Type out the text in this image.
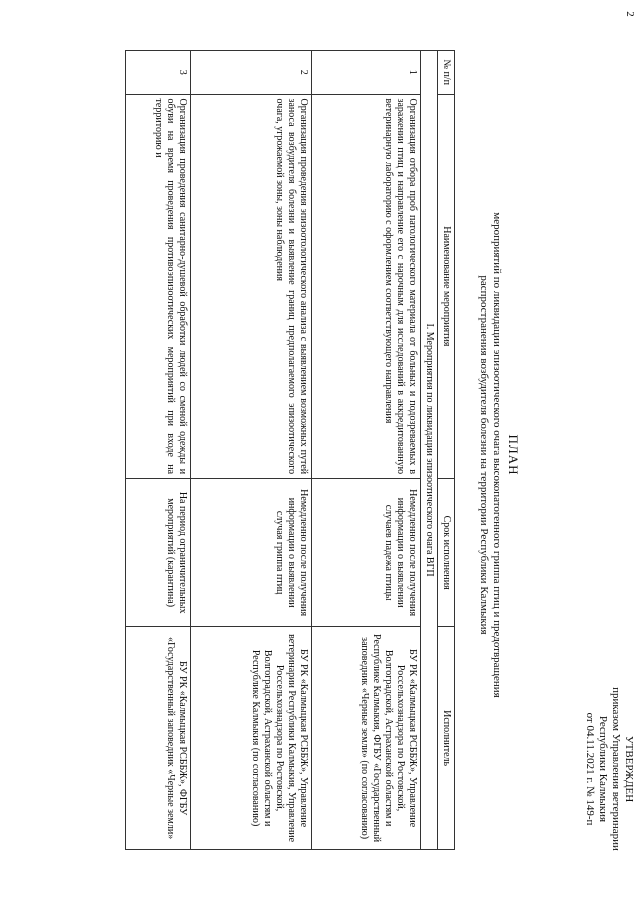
2
УТВЕРЖДЕН
приказом Управления ветеринарии
Республики Калмыкия
от 04.11.2021 г. № 149-п
ПЛАН
мероприятий по ликвидации эпизоотического очага высокопатогенного гриппа птиц и предотвращения
распространения возбудителя болезни на территории Республики Калмыкия
№ п/п	Наименование мероприятия	Срок исполнения	Исполнитель
I. Мероприятия по ликвидации эпизоотического очага ВГП			
1	Организация отбора проб патологического материала от больных и подозреваемых в заражении птиц и направление его с нарочным для исследований в аккредитованную ветеринарную лабораторию с оформлением соответствующего направления	Немедленно после получения информации о выявлении случаев падежа птицы	БУ РК «Калмыцкая РСББЖ», Управление Россельхознадзора по Ростовской, Волгоградской, Астраханской областям и Республике Калмыкия, ФГБУ «Государственный заповедник «Черные земли» (по согласованию)
2	Организация проведения эпизоотологического анализа с выявлением возможных путей заноса возбудителя болезни и выявление границ предполагаемого эпизоотического очага, угрожаемой зоны, зоны наблюдения	Немедленно после получения информации о выявлении случая гриппа птиц	БУ РК «Калмыцкая РСББЖ», Управление ветеринарии Республики Калмыкия, Управление Россельхознадзора по Ростовской, Волгоградской, Астраханской областям и Республике Калмыкия (по согласованию)
3	Организация проведения санитарно-душевой обработки людей со сменой одежды и обуви на время проведения противоэпизоотических мероприятий при входе на территорию и	На период ограничительных мероприятий (карантина)	БУ РК «Калмыцкая РСББЖ», ФГБУ «Государственный заповедник «Черные земли»
